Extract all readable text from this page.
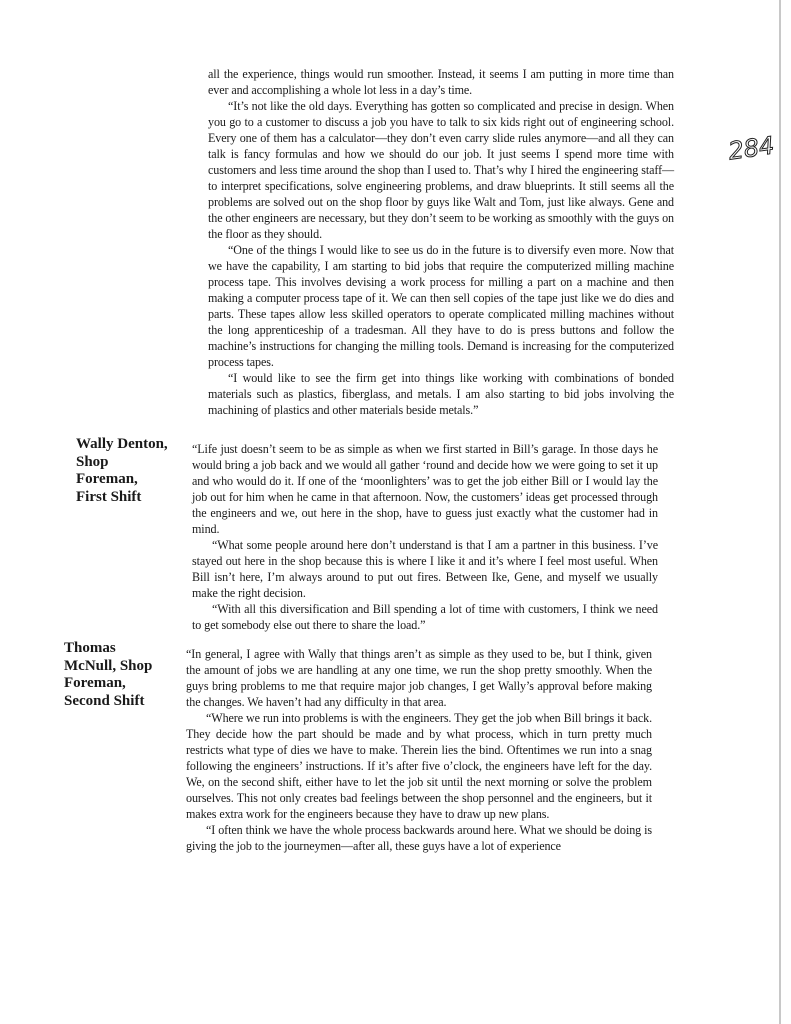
all the experience, things would run smoother. Instead, it seems I am putting in more time than ever and accomplishing a whole lot less in a day’s time.

“It’s not like the old days. Everything has gotten so complicated and precise in design. When you go to a customer to discuss a job you have to talk to six kids right out of engineering school. Every one of them has a calculator—they don’t even carry slide rules anymore—and all they can talk is fancy formulas and how we should do our job. It just seems I spend more time with customers and less time around the shop than I used to. That’s why I hired the engineering staff—to interpret specifications, solve engineering problems, and draw blueprints. It still seems all the problems are solved out on the shop floor by guys like Walt and Tom, just like always. Gene and the other engineers are necessary, but they don’t seem to be working as smoothly with the guys on the floor as they should.

“One of the things I would like to see us do in the future is to diversify even more. Now that we have the capability, I am starting to bid jobs that require the computerized milling machine process tape. This involves devising a work process for milling a part on a machine and then making a computer process tape of it. We can then sell copies of the tape just like we do dies and parts. These tapes allow less skilled operators to operate complicated milling machines without the long apprenticeship of a tradesman. All they have to do is press buttons and follow the machine’s instructions for changing the milling tools. Demand is increasing for the computerized process tapes.

“I would like to see the firm get into things like working with combinations of bonded materials such as plastics, fiberglass, and metals. I am also starting to bid jobs involving the machining of plastics and other materials beside metals.”

Wally Denton,
Shop
Foreman,
First Shift

“Life just doesn’t seem to be as simple as when we first started in Bill’s garage. In those days he would bring a job back and we would all gather ‘round and decide how we were going to set it up and who would do it. If one of the ‘moonlighters’ was to get the job either Bill or I would lay the job out for him when he came in that afternoon. Now, the customers’ ideas get processed through the engineers and we, out here in the shop, have to guess just exactly what the customer had in mind.

“What some people around here don’t understand is that I am a partner in this business. I’ve stayed out here in the shop because this is where I like it and it’s where I feel most useful. When Bill isn’t here, I’m always around to put out fires. Between Ike, Gene, and myself we usually make the right decision.

“With all this diversification and Bill spending a lot of time with customers, I think we need to get somebody else out there to share the load.”

Thomas
McNull, Shop
Foreman,
Second Shift

“In general, I agree with Wally that things aren’t as simple as they used to be, but I think, given the amount of jobs we are handling at any one time, we run the shop pretty smoothly. When the guys bring problems to me that require major job changes, I get Wally’s approval before making the changes. We haven’t had any difficulty in that area.

“Where we run into problems is with the engineers. They get the job when Bill brings it back. They decide how the part should be made and by what process, which in turn pretty much restricts what type of dies we have to make. Therein lies the bind. Oftentimes we run into a snag following the engineers’ instructions. If it’s after five o’clock, the engineers have left for the day. We, on the second shift, either have to let the job sit until the next morning or solve the problem ourselves. This not only creates bad feelings between the shop personnel and the engineers, but it makes extra work for the engineers because they have to draw up new plans.

“I often think we have the whole process backwards around here. What we should be doing is giving the job to the journeymen—after all, these guys have a lot of experience

284
